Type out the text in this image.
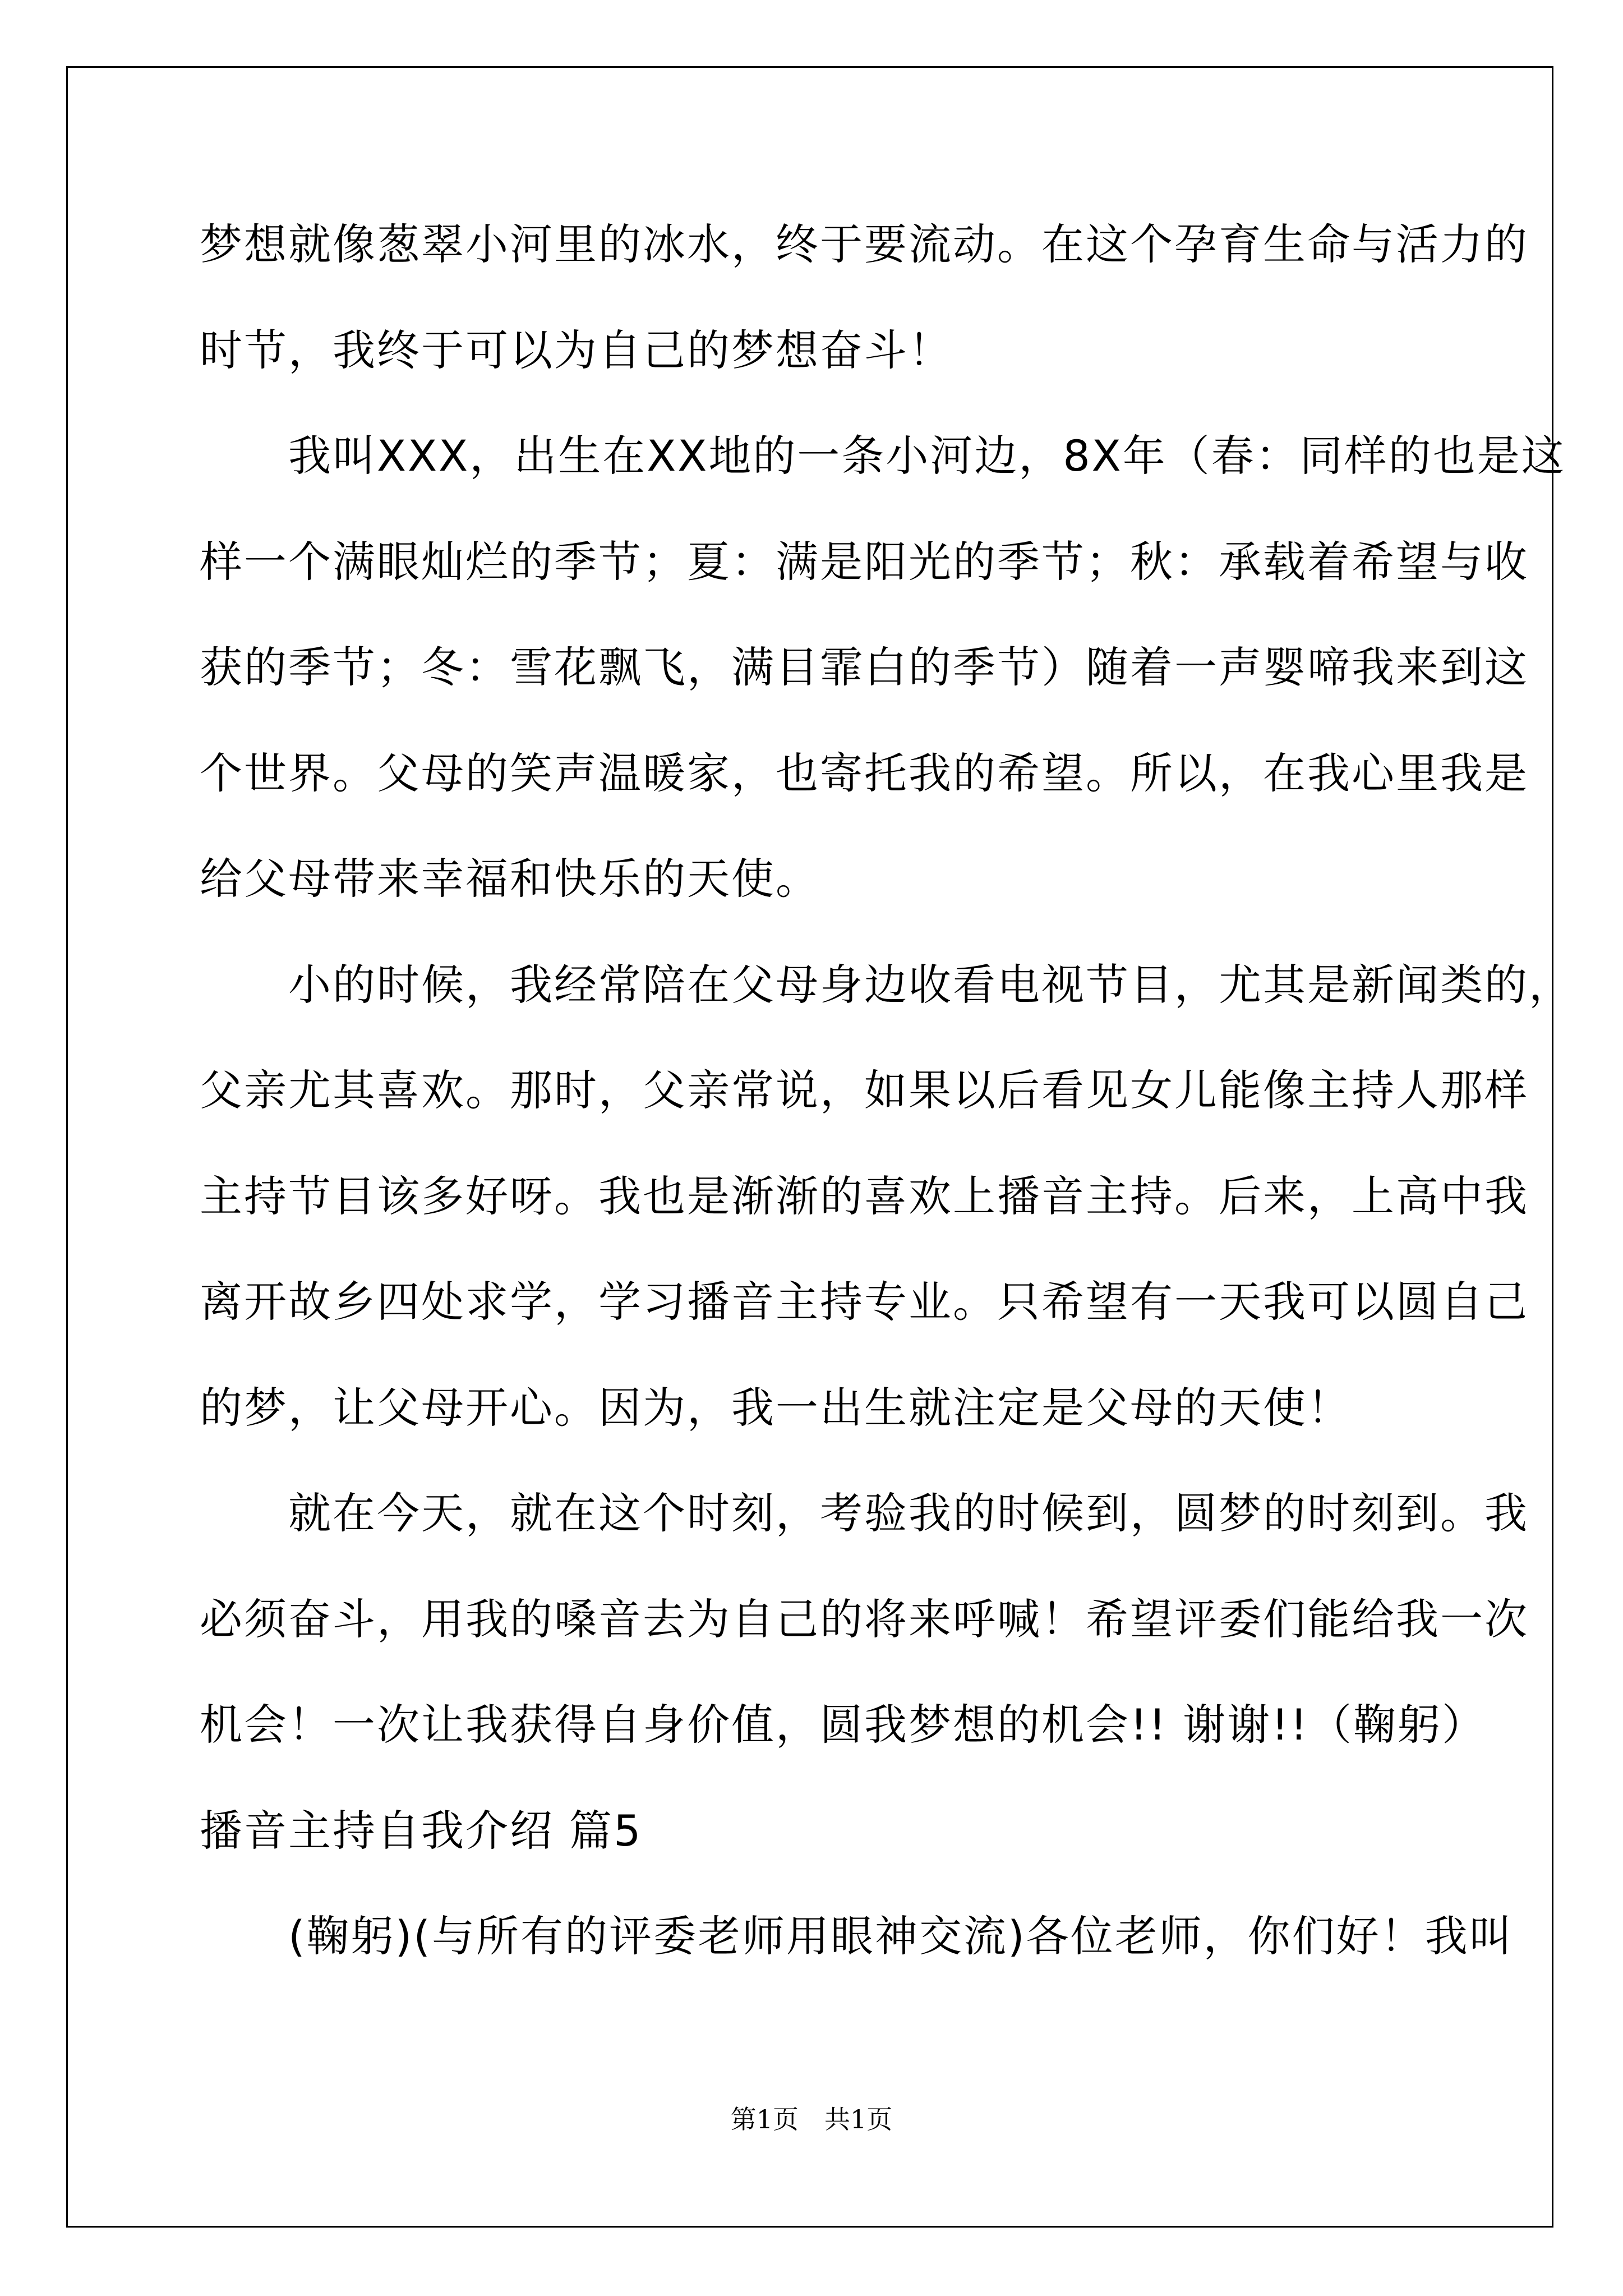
梦想就像葱翠小河里的冰水，终于要流动。在这个孕育生命与活力的
时节，我终于可以为自己的梦想奋斗！
　　我叫XXX，出生在XX地的一条小河边，8X年（春：同样的也是这
样一个满眼灿烂的季节；夏：满是阳光的季节；秋：承载着希望与收
获的季节；冬：雪花飘飞，满目霏白的季节）随着一声婴啼我来到这
个世界。父母的笑声温暖家，也寄托我的希望。所以，在我心里我是
给父母带来幸福和快乐的天使。
　　小的时候，我经常陪在父母身边收看电视节目，尤其是新闻类的，
父亲尤其喜欢。那时，父亲常说，如果以后看见女儿能像主持人那样
主持节目该多好呀。我也是渐渐的喜欢上播音主持。后来，上高中我
离开故乡四处求学，学习播音主持专业。只希望有一天我可以圆自己
的梦，让父母开心。因为，我一出生就注定是父母的天使！
　　就在今天，就在这个时刻，考验我的时候到，圆梦的时刻到。我
必须奋斗，用我的嗓音去为自己的将来呼喊！希望评委们能给我一次
机会！一次让我获得自身价值，圆我梦想的机会!! 谢谢!!（鞠躬）
播音主持自我介绍 篇5
　　(鞠躬)(与所有的评委老师用眼神交流)各位老师，你们好！我叫
第1页　共1页
